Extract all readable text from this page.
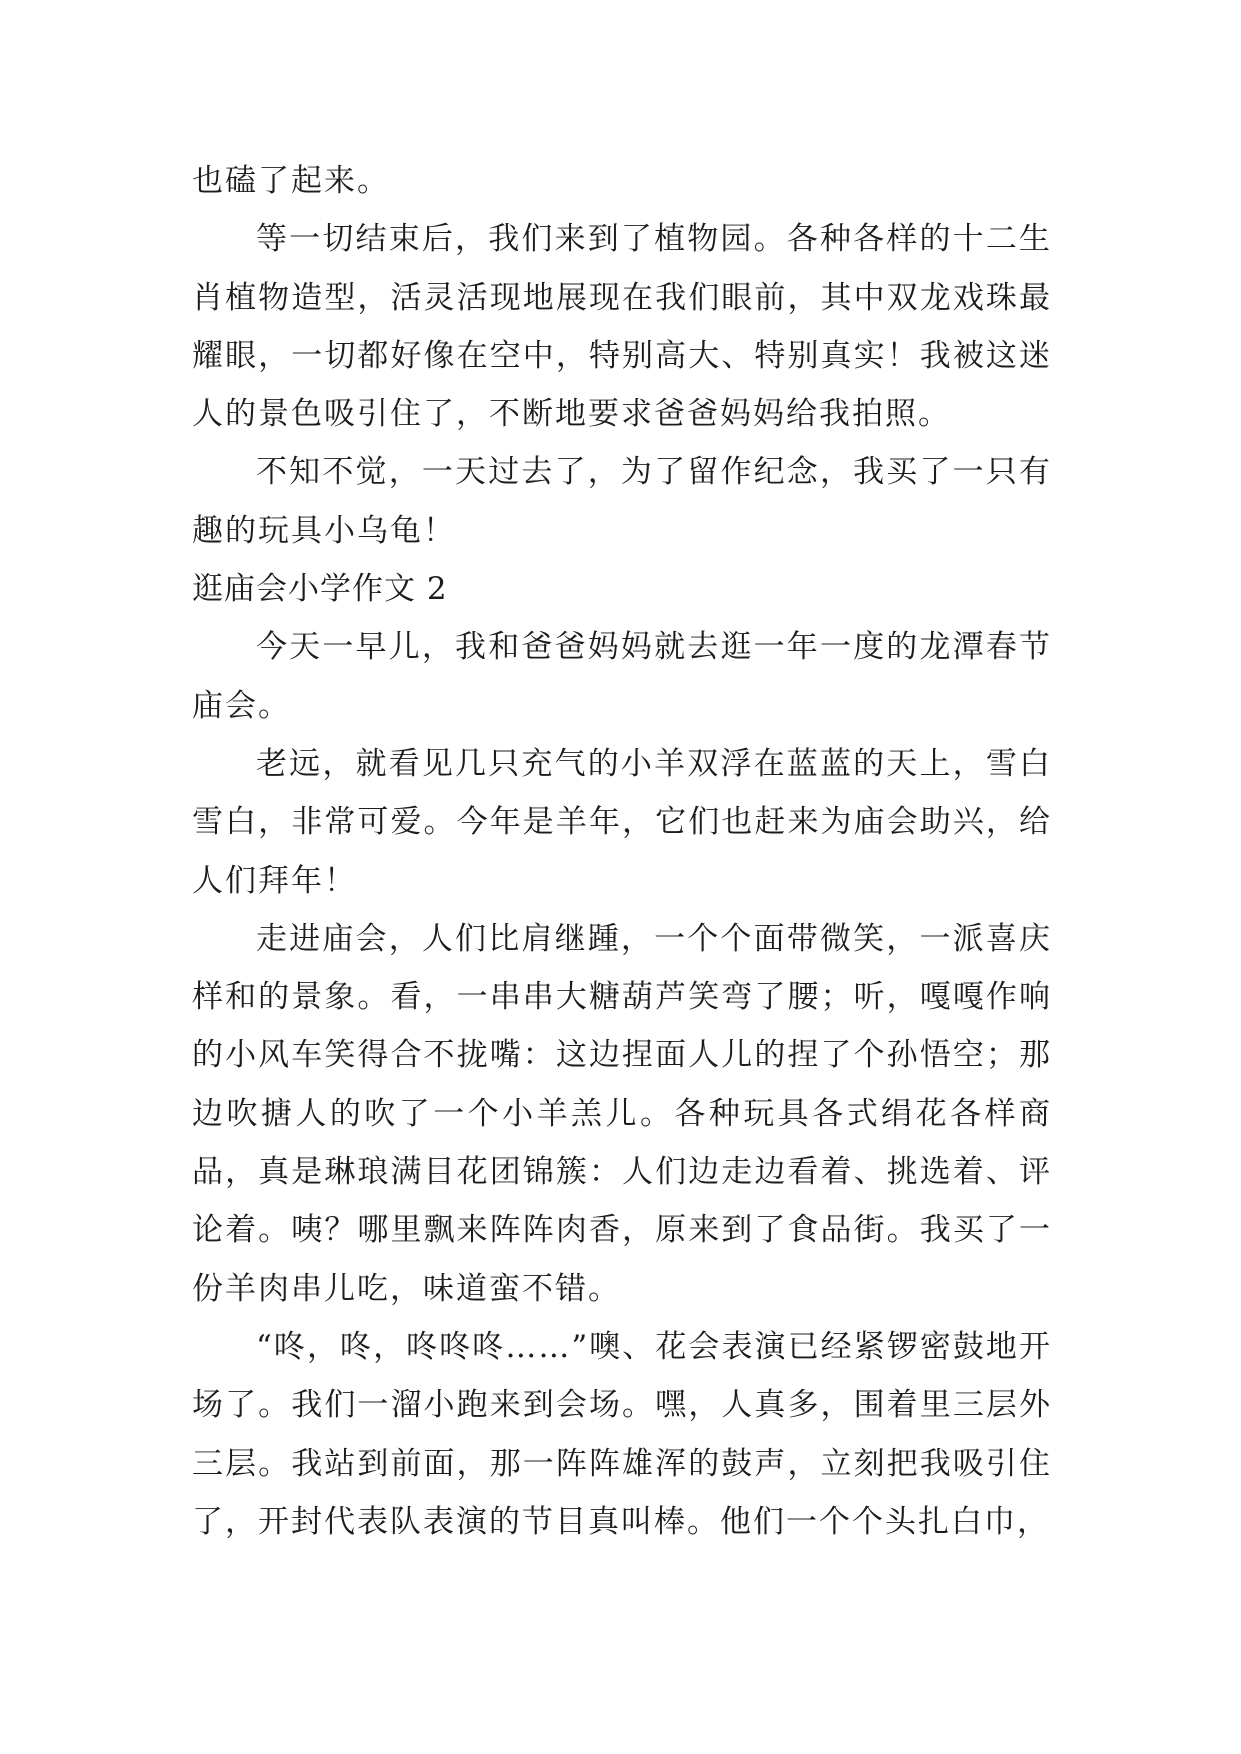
也磕了起来。

等一切结束后，我们来到了植物园。各种各样的十二生肖植物造型，活灵活现地展现在我们眼前，其中双龙戏珠最耀眼，一切都好像在空中，特别高大、特别真实！我被这迷人的景色吸引住了，不断地要求爸爸妈妈给我拍照。

不知不觉，一天过去了，为了留作纪念，我买了一只有趣的玩具小乌龟！

逛庙会小学作文 2

今天一早儿，我和爸爸妈妈就去逛一年一度的龙潭春节庙会。

老远，就看见几只充气的小羊双浮在蓝蓝的天上，雪白雪白，非常可爱。今年是羊年，它们也赶来为庙会助兴，给人们拜年！

走进庙会，人们比肩继踵，一个个面带微笑，一派喜庆样和的景象。看，一串串大糖葫芦笑弯了腰；听，嘎嘎作响的小风车笑得合不拢嘴：这边捏面人儿的捏了个孙悟空；那边吹搪人的吹了一个小羊羔儿。各种玩具各式绢花各样商品，真是琳琅满目花团锦簇：人们边走边看着、挑选着、评论着。咦？哪里飘来阵阵肉香，原来到了食品街。我买了一份羊肉串儿吃，味道蛮不错。

“咚，咚，咚咚咚……”噢、花会表演已经紧锣密鼓地开场了。我们一溜小跑来到会场。嘿，人真多，围着里三层外三层。我站到前面，那一阵阵雄浑的鼓声，立刻把我吸引住了，开封代表队表演的节目真叫棒。他们一个个头扎白巾，
